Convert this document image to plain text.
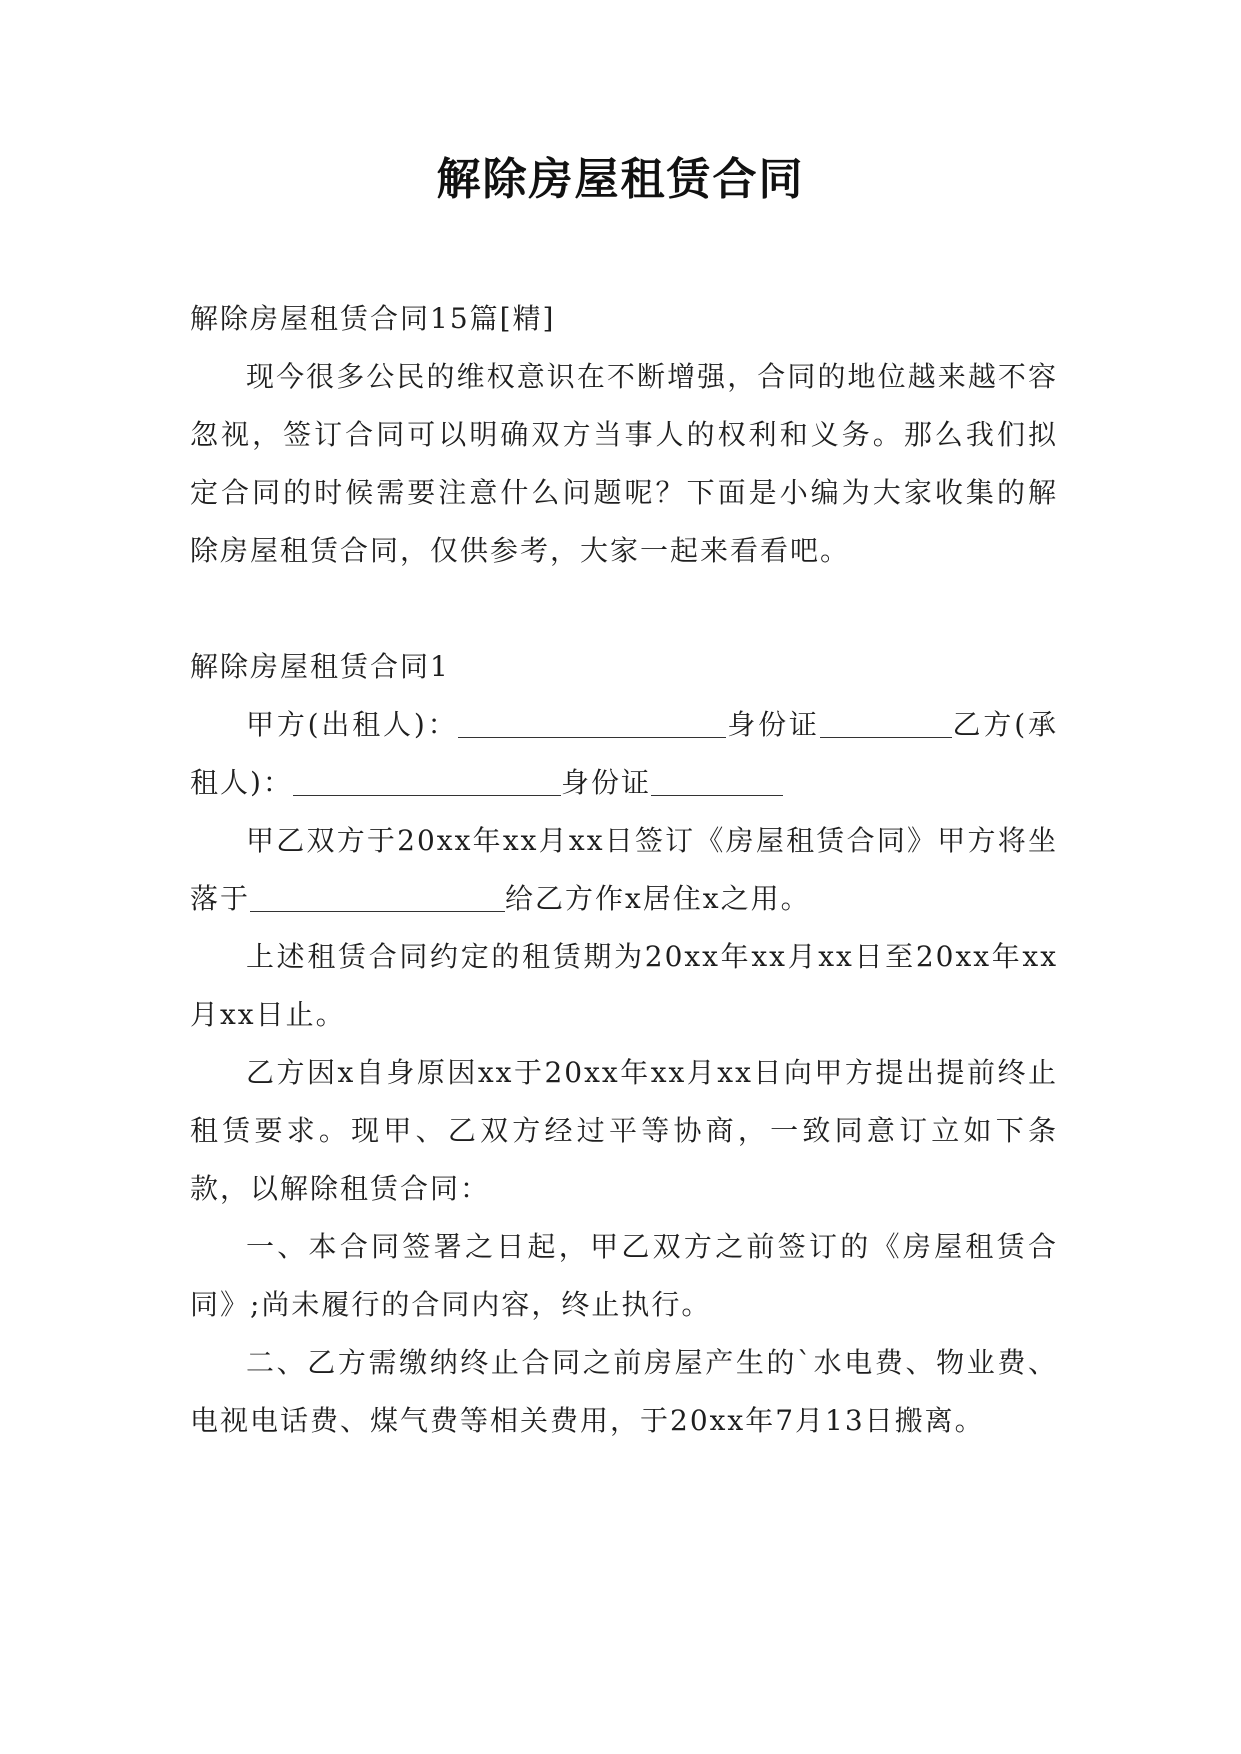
解除房屋租赁合同

解除房屋租赁合同15篇[精]

现今很多公民的维权意识在不断增强，合同的地位越来越不容忽视，签订合同可以明确双方当事人的权利和义务。那么我们拟定合同的时候需要注意什么问题呢？下面是小编为大家收集的解除房屋租赁合同，仅供参考，大家一起来看看吧。

解除房屋租赁合同1

甲方(出租人)：	身份证	乙方(承租人)：	身份证

甲乙双方于20xx年xx月xx日签订《房屋租赁合同》甲方将坐落于	给乙方作x居住x之用。

上述租赁合同约定的租赁期为20xx年xx月xx日至20xx年xx月xx日止。

乙方因x自身原因xx于20xx年xx月xx日向甲方提出提前终止租赁要求。现甲、乙双方经过平等协商，一致同意订立如下条款，以解除租赁合同：

一、本合同签署之日起，甲乙双方之前签订的《房屋租赁合同》;尚未履行的合同内容，终止执行。

二、乙方需缴纳终止合同之前房屋产生的`水电费、物业费、电视电话费、煤气费等相关费用，于20xx年7月13日搬离。
